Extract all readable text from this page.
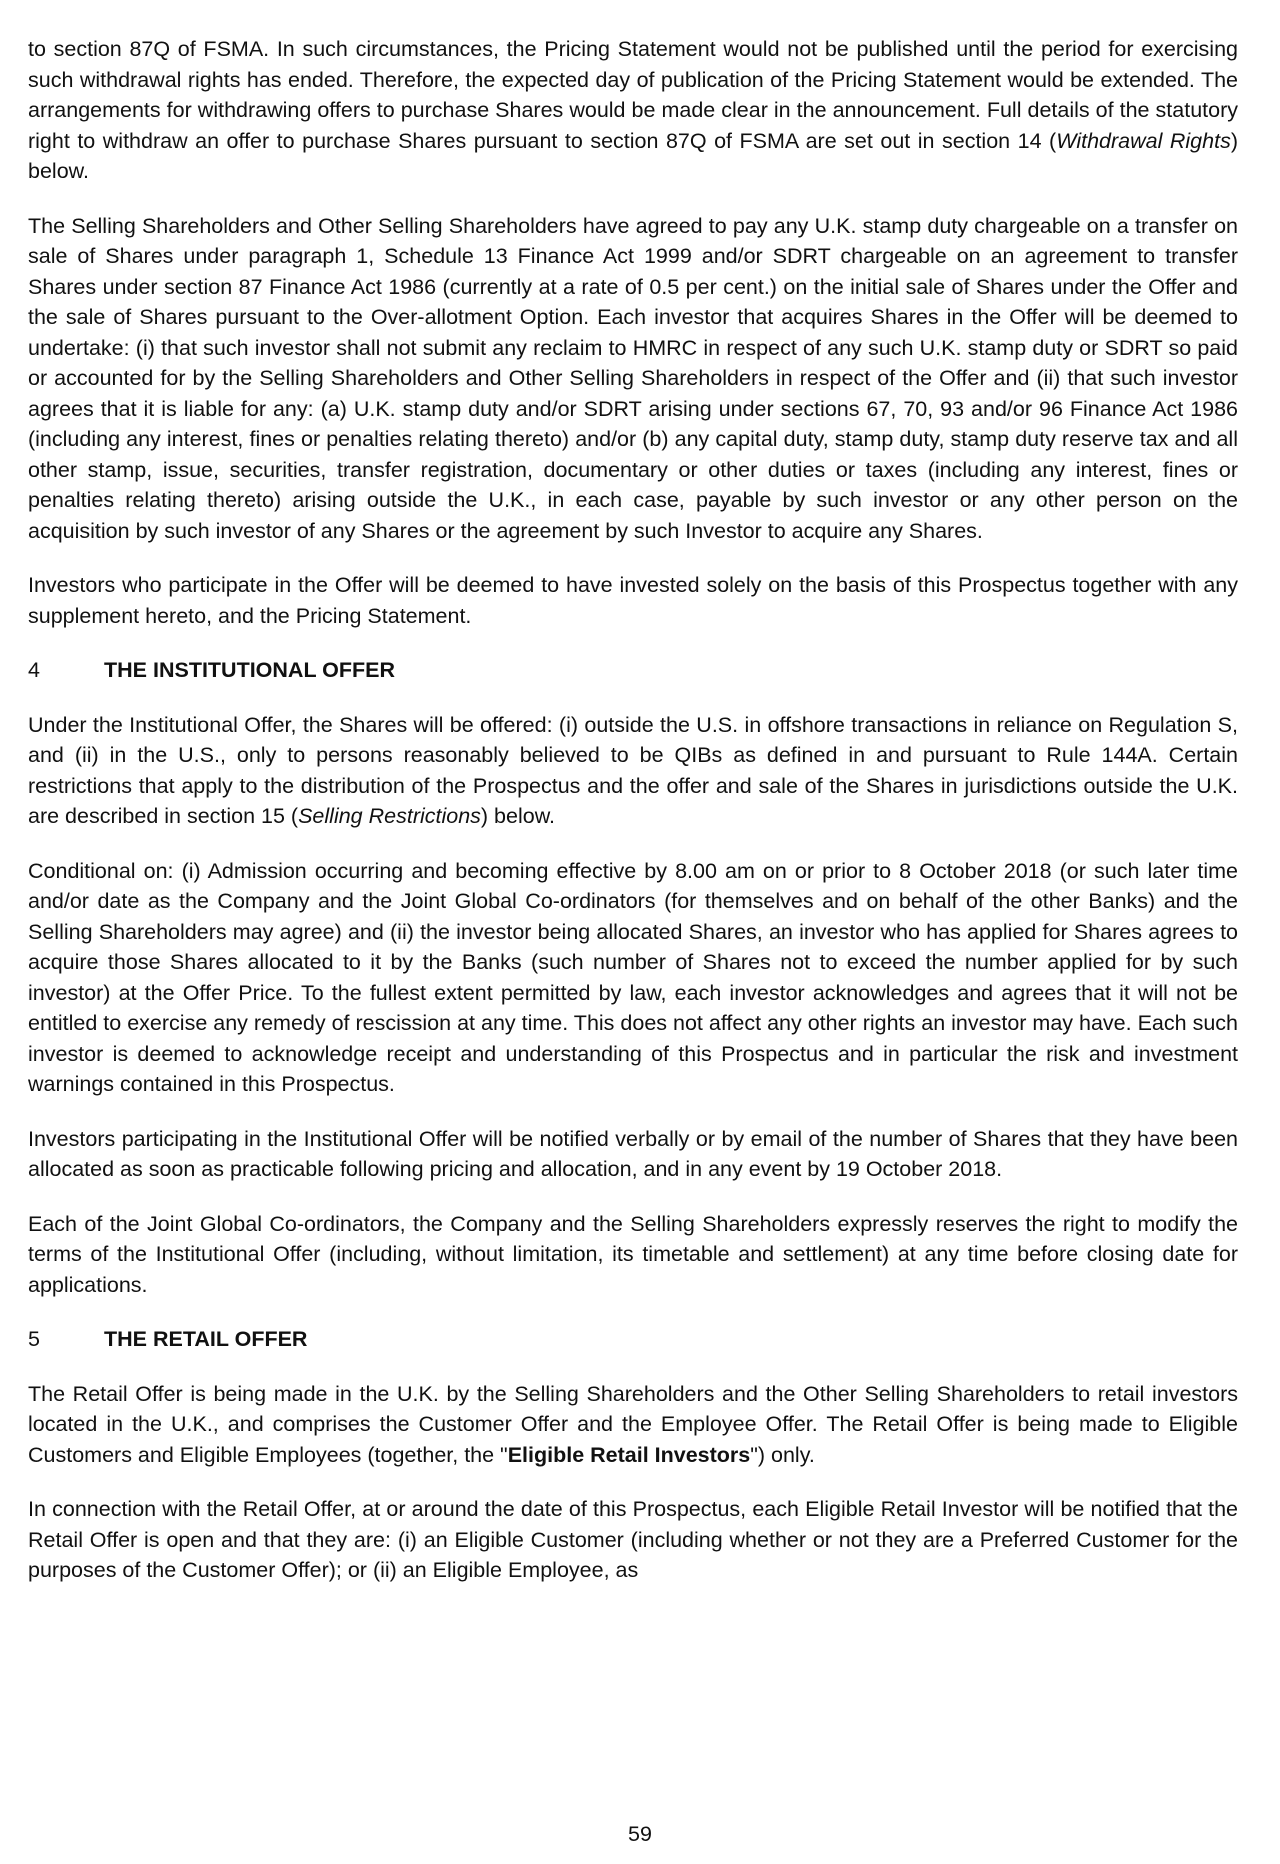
to section 87Q of FSMA. In such circumstances, the Pricing Statement would not be published until the period for exercising such withdrawal rights has ended. Therefore, the expected day of publication of the Pricing Statement would be extended. The arrangements for withdrawing offers to purchase Shares would be made clear in the announcement. Full details of the statutory right to withdraw an offer to purchase Shares pursuant to section 87Q of FSMA are set out in section 14 (Withdrawal Rights) below.

The Selling Shareholders and Other Selling Shareholders have agreed to pay any U.K. stamp duty chargeable on a transfer on sale of Shares under paragraph 1, Schedule 13 Finance Act 1999 and/or SDRT chargeable on an agreement to transfer Shares under section 87 Finance Act 1986 (currently at a rate of 0.5 per cent.) on the initial sale of Shares under the Offer and the sale of Shares pursuant to the Over-allotment Option. Each investor that acquires Shares in the Offer will be deemed to undertake: (i) that such investor shall not submit any reclaim to HMRC in respect of any such U.K. stamp duty or SDRT so paid or accounted for by the Selling Shareholders and Other Selling Shareholders in respect of the Offer and (ii) that such investor agrees that it is liable for any: (a) U.K. stamp duty and/or SDRT arising under sections 67, 70, 93 and/or 96 Finance Act 1986 (including any interest, fines or penalties relating thereto) and/or (b) any capital duty, stamp duty, stamp duty reserve tax and all other stamp, issue, securities, transfer registration, documentary or other duties or taxes (including any interest, fines or penalties relating thereto) arising outside the U.K., in each case, payable by such investor or any other person on the acquisition by such investor of any Shares or the agreement by such Investor to acquire any Shares.

Investors who participate in the Offer will be deemed to have invested solely on the basis of this Prospectus together with any supplement hereto, and the Pricing Statement.

4	THE INSTITUTIONAL OFFER

Under the Institutional Offer, the Shares will be offered: (i) outside the U.S. in offshore transactions in reliance on Regulation S, and (ii) in the U.S., only to persons reasonably believed to be QIBs as defined in and pursuant to Rule 144A. Certain restrictions that apply to the distribution of the Prospectus and the offer and sale of the Shares in jurisdictions outside the U.K. are described in section 15 (Selling Restrictions) below.

Conditional on: (i) Admission occurring and becoming effective by 8.00 am on or prior to 8 October 2018 (or such later time and/or date as the Company and the Joint Global Co-ordinators (for themselves and on behalf of the other Banks) and the Selling Shareholders may agree) and (ii) the investor being allocated Shares, an investor who has applied for Shares agrees to acquire those Shares allocated to it by the Banks (such number of Shares not to exceed the number applied for by such investor) at the Offer Price. To the fullest extent permitted by law, each investor acknowledges and agrees that it will not be entitled to exercise any remedy of rescission at any time. This does not affect any other rights an investor may have. Each such investor is deemed to acknowledge receipt and understanding of this Prospectus and in particular the risk and investment warnings contained in this Prospectus.

Investors participating in the Institutional Offer will be notified verbally or by email of the number of Shares that they have been allocated as soon as practicable following pricing and allocation, and in any event by 19 October 2018.

Each of the Joint Global Co-ordinators, the Company and the Selling Shareholders expressly reserves the right to modify the terms of the Institutional Offer (including, without limitation, its timetable and settlement) at any time before closing date for applications.

5	THE RETAIL OFFER

The Retail Offer is being made in the U.K. by the Selling Shareholders and the Other Selling Shareholders to retail investors located in the U.K., and comprises the Customer Offer and the Employee Offer. The Retail Offer is being made to Eligible Customers and Eligible Employees (together, the "Eligible Retail Investors") only.

In connection with the Retail Offer, at or around the date of this Prospectus, each Eligible Retail Investor will be notified that the Retail Offer is open and that they are: (i) an Eligible Customer (including whether or not they are a Preferred Customer for the purposes of the Customer Offer); or (ii) an Eligible Employee, as

59
